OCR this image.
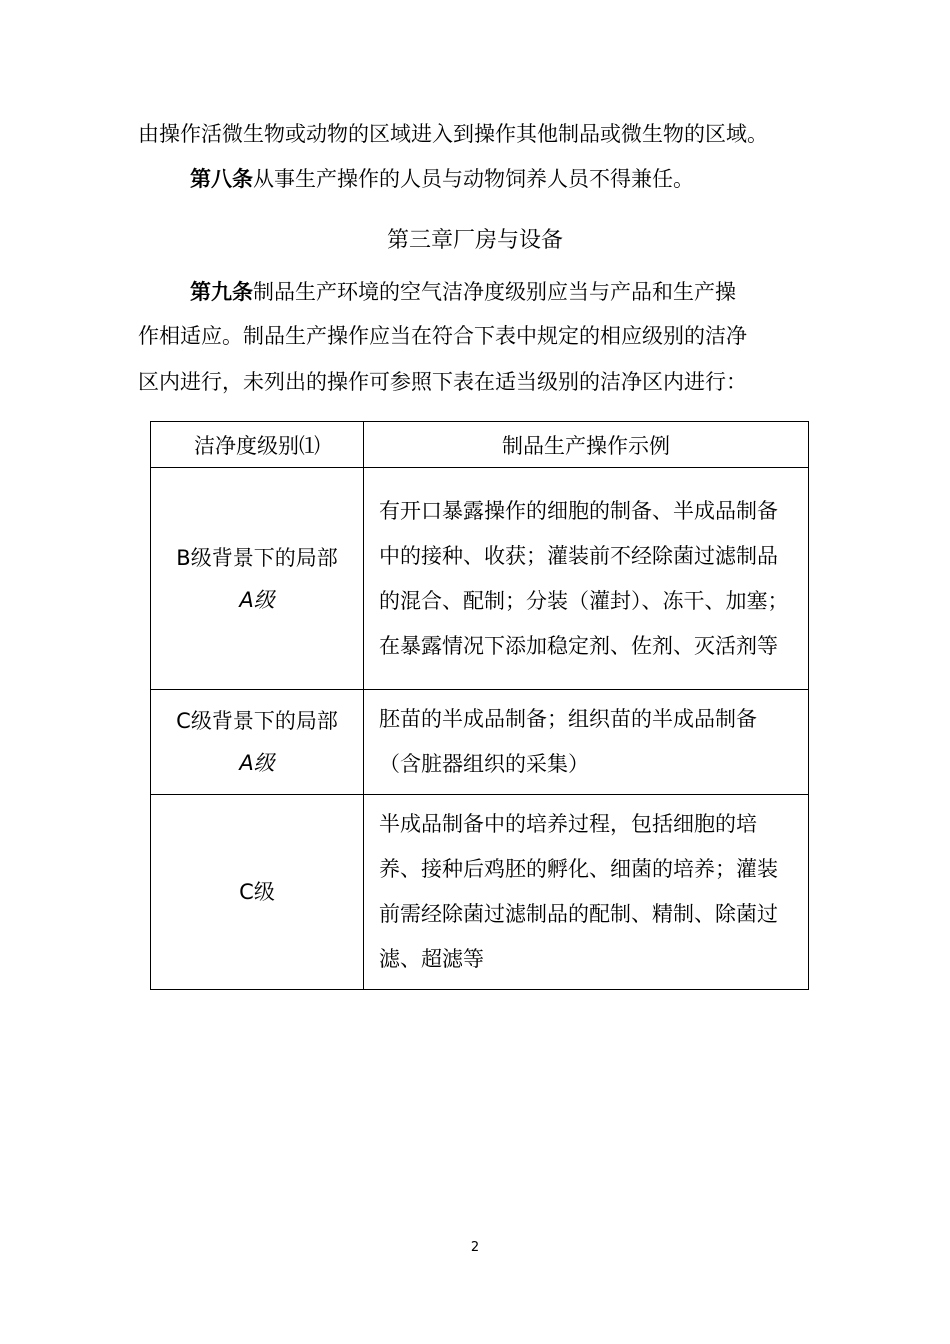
由操作活微生物或动物的区域进入到操作其他制品或微生物的区域。

第八条从事生产操作的人员与动物饲养人员不得兼任。

第三章厂房与设备

第九条制品生产环境的空气洁净度级别应当与产品和生产操

作相适应。制品生产操作应当在符合下表中规定的相应级别的洁净

区内进行，未列出的操作可参照下表在适当级别的洁净区内进行：

洁净度级别⑴	制品生产操作示例

B级背景下的局部
A级	有开口暴露操作的细胞的制备、半成品制备中的接种、收获；灌装前不经除菌过滤制品的混合、配制；分装（灌封）、冻干、加塞；在暴露情况下添加稳定剂、佐剂、灭活剂等

C级背景下的局部
A级	胚苗的半成品制备；组织苗的半成品制备（含脏器组织的采集）

C级	半成品制备中的培养过程，包括细胞的培养、接种后鸡胚的孵化、细菌的培养；灌装前需经除菌过滤制品的配制、精制、除菌过滤、超滤等
2
